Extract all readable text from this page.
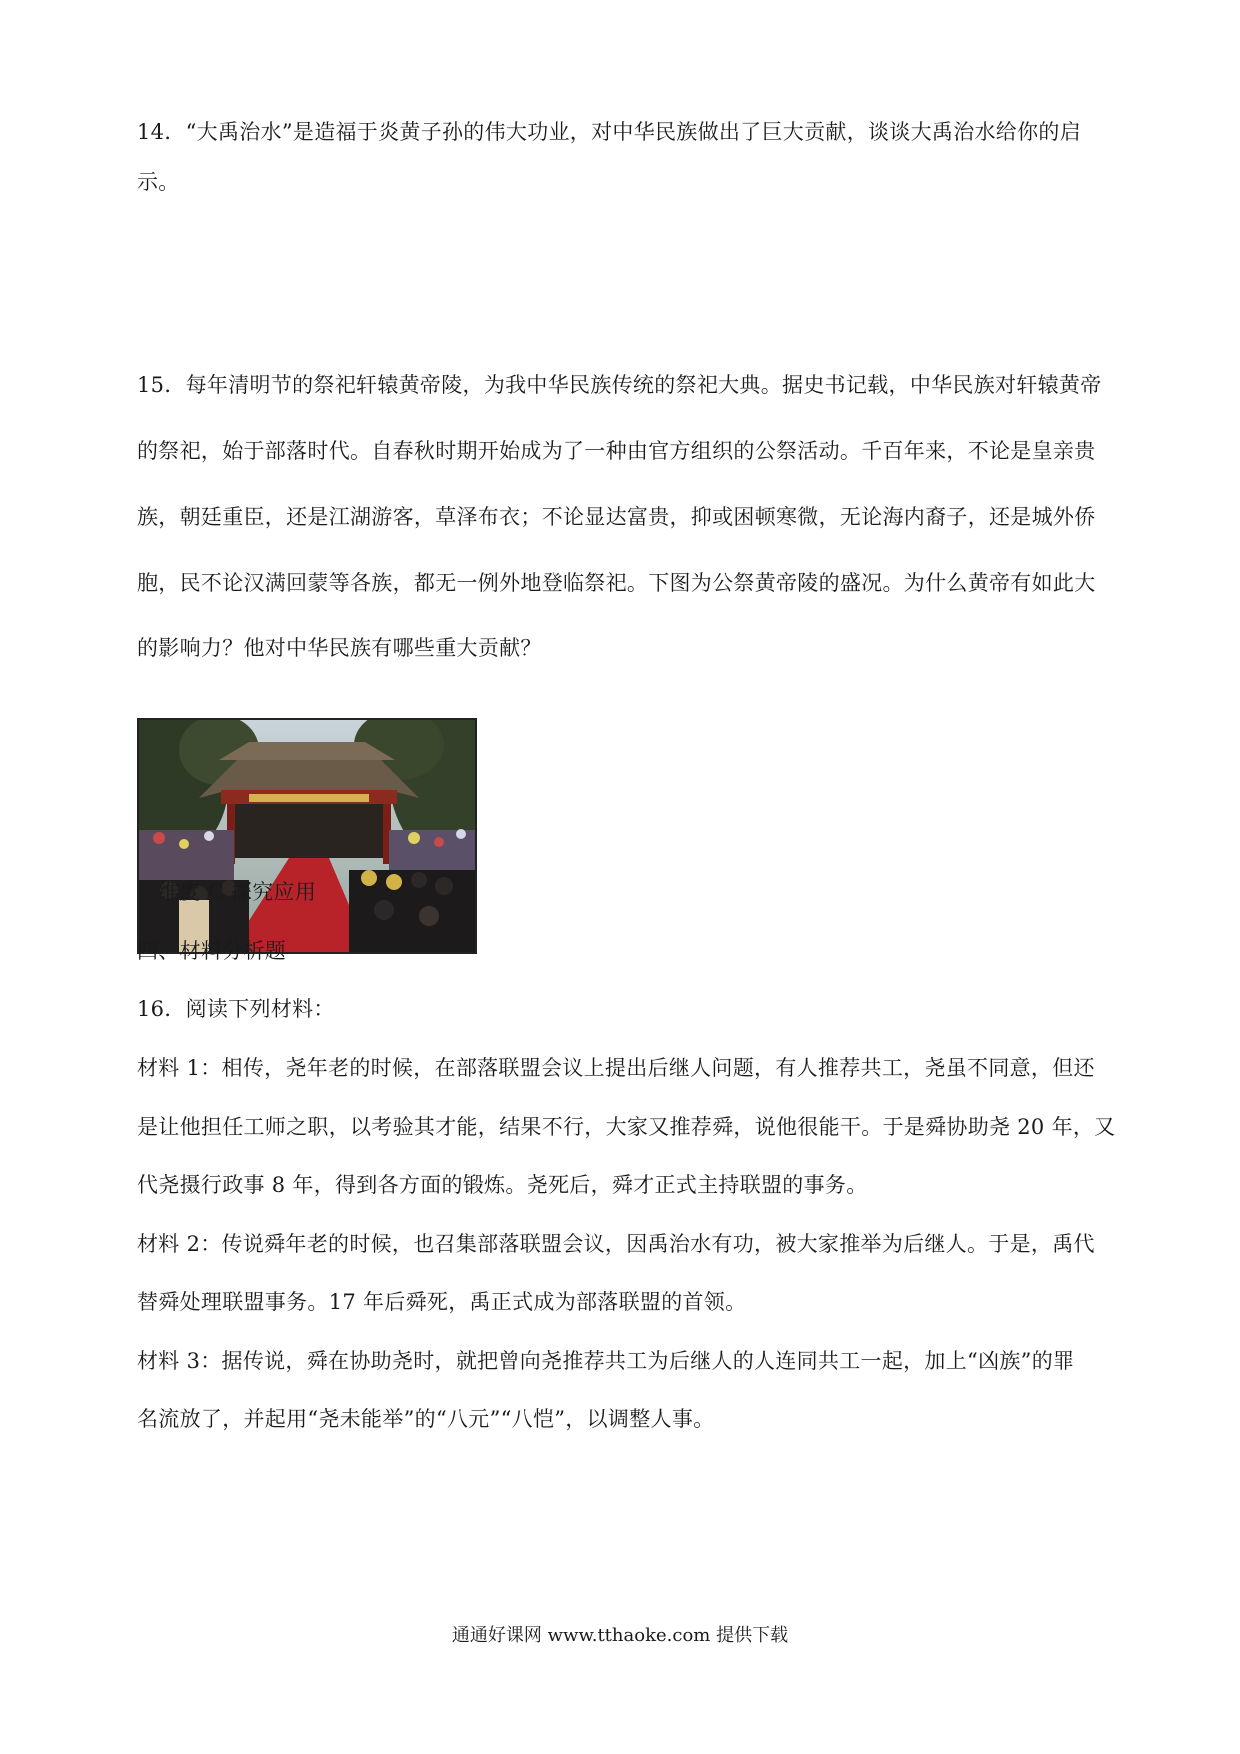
14．“大禹治水”是造福于炎黄子孙的伟大功业，对中华民族做出了巨大贡献，谈谈大禹治水给你的启
示。
15．每年清明节的祭祀轩辕黄帝陵，为我中华民族传统的祭祀大典。据史书记载，中华民族对轩辕黄帝
的祭祀，始于部落时代。自春秋时期开始成为了一种由官方组织的公祭活动。千百年来，不论是皇亲贵
族，朝廷重臣，还是江湖游客，草泽布衣；不论显达富贵，抑或困顿寒微，无论海内裔子，还是城外侨
胞，民不论汉满回蒙等各族，都无一例外地登临祭祀。下图为公祭黄帝陵的盛况。为什么黄帝有如此大
的影响力？他对中华民族有哪些重大贡献？
维度 C 探究应用
四、材料分析题
16．阅读下列材料：
材料 1：相传，尧年老的时候，在部落联盟会议上提出后继人问题，有人推荐共工，尧虽不同意，但还
是让他担任工师之职，以考验其才能，结果不行，大家又推荐舜，说他很能干。于是舜协助尧 20 年，又
代尧摄行政事 8 年，得到各方面的锻炼。尧死后，舜才正式主持联盟的事务。
材料 2：传说舜年老的时候，也召集部落联盟会议，因禹治水有功，被大家推举为后继人。于是，禹代
替舜处理联盟事务。17 年后舜死，禹正式成为部落联盟的首领。
材料 3：据传说，舜在协助尧时，就把曾向尧推荐共工为后继人的人连同共工一起，加上“凶族”的罪
名流放了，并起用“尧未能举”的“八元”“八恺”，以调整人事。
通通好课网 www.tthaoke.com 提供下载
